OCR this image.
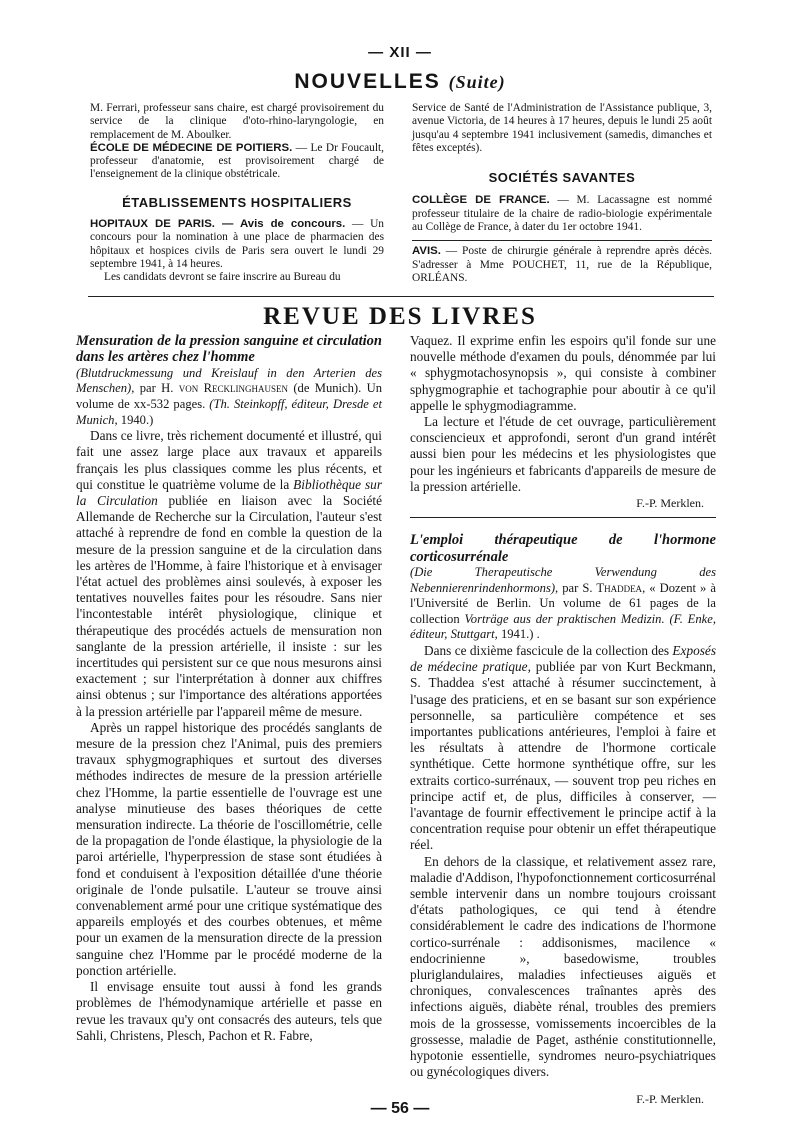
— XII —
NOUVELLES (Suite)

M. Ferrari, professeur sans chaire, est chargé provisoirement du service de la clinique d'oto-rhino-laryngologie, en remplacement de M. Aboulker.

ÉCOLE DE MÉDECINE DE POITIERS. — Le Dr Foucault, professeur d'anatomie, est provisoirement chargé de l'enseignement de la clinique obstétricale.

ÉTABLISSEMENTS HOSPITALIERS

HOPITAUX DE PARIS. — Avis de concours. — Un concours pour la nomination à une place de pharmacien des hôpitaux et hospices civils de Paris sera ouvert le lundi 29 septembre 1941, à 14 heures.

Les candidats devront se faire inscrire au Bureau du

Service de Santé de l'Administration de l'Assistance publique, 3, avenue Victoria, de 14 heures à 17 heures, depuis le lundi 25 août jusqu'au 4 septembre 1941 inclusivement (samedis, dimanches et fêtes exceptés).

SOCIÉTÉS SAVANTES

COLLÈGE DE FRANCE. — M. Lacassagne est nommé professeur titulaire de la chaire de radio-biologie expérimentale au Collège de France, à dater du 1er octobre 1941.

AVIS. — Poste de chirurgie générale à reprendre après décès. S'adresser à Mme POUCHET, 11, rue de la République, ORLÉANS.

REVUE DES LIVRES

Mensuration de la pression sanguine et circulation dans les artères chez l'homme

(Blutdruckmessung und Kreislauf in den Arterien des Menschen), par H. von Recklinghausen (de Munich). Un volume de xx-532 pages. (Th. Steinkopff, éditeur, Dresde et Munich, 1940.)

Dans ce livre, très richement documenté et illustré, qui fait une assez large place aux travaux et appareils français les plus classiques comme les plus récents, et qui constitue le quatrième volume de la Bibliothèque sur la Circulation publiée en liaison avec la Société Allemande de Recherche sur la Circulation, l'auteur s'est attaché à reprendre de fond en comble la question de la mesure de la pression sanguine et de la circulation dans les artères de l'Homme, à faire l'historique et à envisager l'état actuel des problèmes ainsi soulevés, à exposer les tentatives nouvelles faites pour les résoudre. Sans nier l'incontestable intérêt physiologique, clinique et thérapeutique des procédés actuels de mensuration non sanglante de la pression artérielle, il insiste : sur les incertitudes qui persistent sur ce que nous mesurons ainsi exactement ; sur l'interprétation à donner aux chiffres ainsi obtenus ; sur l'importance des altérations apportées à la pression artérielle par l'appareil même de mesure.

Après un rappel historique des procédés sanglants de mesure de la pression chez l'Animal, puis des premiers travaux sphygmographiques et surtout des diverses méthodes indirectes de mesure de la pression artérielle chez l'Homme, la partie essentielle de l'ouvrage est une analyse minutieuse des bases théoriques de cette mensuration indirecte. La théorie de l'oscillométrie, celle de la propagation de l'onde élastique, la physiologie de la paroi artérielle, l'hyperpression de stase sont étudiées à fond et conduisent à l'exposition détaillée d'une théorie originale de l'onde pulsatile. L'auteur se trouve ainsi convenablement armé pour une critique systématique des appareils employés et des courbes obtenues, et même pour un examen de la mensuration directe de la pression sanguine chez l'Homme par le procédé moderne de la ponction artérielle.

Il envisage ensuite tout aussi à fond les grands problèmes de l'hémodynamique artérielle et passe en revue les travaux qu'y ont consacrés des auteurs, tels que Sahli, Christens, Plesch, Pachon et R. Fabre,

Vaquez. Il exprime enfin les espoirs qu'il fonde sur une nouvelle méthode d'examen du pouls, dénommée par lui « sphygmotachosynopsis », qui consiste à combiner sphygmographie et tachographie pour aboutir à ce qu'il appelle le sphygmodiagramme.

La lecture et l'étude de cet ouvrage, particulièrement consciencieux et approfondi, seront d'un grand intérêt aussi bien pour les médecins et les physiologistes que pour les ingénieurs et fabricants d'appareils de mesure de la pression artérielle.

F.-P. Merklen.

L'emploi thérapeutique de l'hormone corticosurrénale

(Die Therapeutische Verwendung des Nebennierenrindenhormons), par S. Thaddea, « Dozent » à l'Université de Berlin. Un volume de 61 pages de la collection Vorträge aus der praktischen Medizin. (F. Enke, éditeur, Stuttgart, 1941.) .

Dans ce dixième fascicule de la collection des Exposés de médecine pratique, publiée par von Kurt Beckmann, S. Thaddea s'est attaché à résumer succinctement, à l'usage des praticiens, et en se basant sur son expérience personnelle, sa particulière compétence et ses importantes publications antérieures, l'emploi à faire et les résultats à attendre de l'hormone corticale synthétique. Cette hormone synthétique offre, sur les extraits cortico-surrénaux, — souvent trop peu riches en principe actif et, de plus, difficiles à conserver, — l'avantage de fournir effectivement le principe actif à la concentration requise pour obtenir un effet thérapeutique réel.

En dehors de la classique, et relativement assez rare, maladie d'Addison, l'hypofonctionnement corticosurrénal semble intervenir dans un nombre toujours croissant d'états pathologiques, ce qui tend à étendre considérablement le cadre des indications de l'hormone cortico-surrénale : addisonismes, macilence « endocrinienne », basedowisme, troubles pluriglandulaires, maladies infectieuses aiguës et chroniques, convalescences traînantes après des infections aiguës, diabète rénal, troubles des premiers mois de la grossesse, vomissements incoercibles de la grossesse, maladie de Paget, asthénie constitutionnelle, hypotonie essentielle, syndromes neuro-psychiatriques ou gynécologiques divers.

F.-P. Merklen.

— 56 —
